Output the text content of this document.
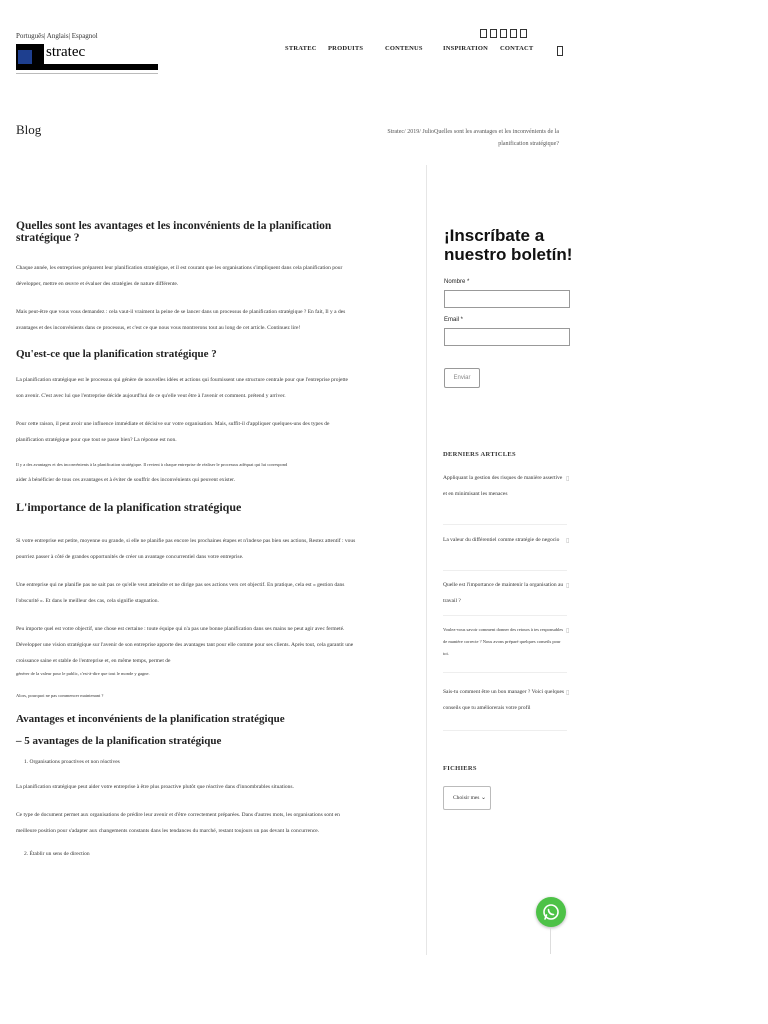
Português| Anglais| Espagnol
stratec	STRATEC PRODUITS	CONTENUS	INSPIRATION CONTACT
Blog	Stratec/ 2019/ JulioQuelles sont les avantages et les inconvénients de la planification stratégique?
Quelles sont les avantages et les inconvénients de la planification stratégique ?

Chaque année, les entreprises préparent leur planification stratégique, et il est courant que les organisations s'impliquent dans cela planification pour développer, mettre en œuvre et évaluer des stratégies de nature différente.

Mais peut-être que vous vous demandez : cela vaut-il vraiment la peine de se lancer dans un processus de planification stratégique ? En fait, Il y a des avantages et des inconvénients dans ce processus, et c'est ce que nous vous montrerons tout au long de cet article. Continuez lire!

Qu'est-ce que la planification stratégique ?

La planification stratégique est le processus qui génère de nouvelles idées et actions qui fournissent une structure centrale pour que l'entreprise projette son avenir. C'est avec lui que l'entreprise décide aujourd'hui de ce qu'elle veut être à l'avenir et comment. prétend y arriver.

Pour cette raison, il peut avoir une influence immédiate et décisive sur votre organisation. Mais, suffit-il d'appliquer quelques-uns des types de planification stratégique pour que tout se passe bien? La réponse est non.

Il y a des avantages et des inconvénients à la planification stratégique. Il revient à chaque entreprise de réaliser le processus adéquat qui lui correspond

aider à bénéficier de tous ces avantages et à éviter de souffrir des inconvénients qui peuvent exister.

L'importance de la planification stratégique

Si votre entreprise est petite, moyenne ou grande, si elle ne planifie pas encore les prochaines étapes et n'indexe pas bien ses actions, Restez attentif : vous pourriez passer à côté de grandes opportunités de créer un avantage concurrentiel dans votre entreprise.

Une entreprise qui ne planifie pas ne sait pas ce qu'elle veut atteindre et ne dirige pas ses actions vers cet objectif. En pratique, cela est « gestion dans l'obscurité ». Et dans le meilleur des cas, cela signifie stagnation.

Peu importe quel est votre objectif, une chose est certaine : toute équipe qui n'a pas une bonne planification dans ses mains ne peut agir avec fermeté. Développer une vision stratégique sur l'avenir de son entreprise apporte des avantages tant pour elle comme pour ses clients. Après tout, cela garantit une croissance saine et stable de l'entreprise et, en même temps, permet de

générer de la valeur pour le public, c'est-à-dire que tout le monde y gagne.

Alors, pourquoi ne pas commencer maintenant ?

Avantages et inconvénients de la planification stratégique
– 5 avantages de la planification stratégique
1. Organisations proactives et non réactives

La planification stratégique peut aider votre entreprise à être plus proactive plutôt que réactive dans d'innombrables situations.

Ce type de document permet aux organisations de prédire leur avenir et d'être correctement préparées. Dans d'autres mots, les organisations sont en meilleure position pour s'adapter aux changements constants dans les tendances du marché, restant toujours un pas devant la concurrence.

2. Établir un sens de direction
¡Inscríbate a nuestro boletín!
Nombre *
Email *
Enviar
DERNIERS ARTICLES
Appliquant la gestion des risques de manière assertive et en minimisant les menaces
▯
La valeur du différentiel comme stratégie de negocio	▯
Quelle est l'importance de maintenir la organisation au travail ?
▯
Voulez-vous savoir comment donner des retours à tes responsables de manière correcte ? Nous avons préparé quelques conseils pour toi.
▯
Sais-tu comment être un bon manager ? Voici quelques conseils que tu améliorerais votre profil
▯
FICHIERS
Choisir mes ⌄
